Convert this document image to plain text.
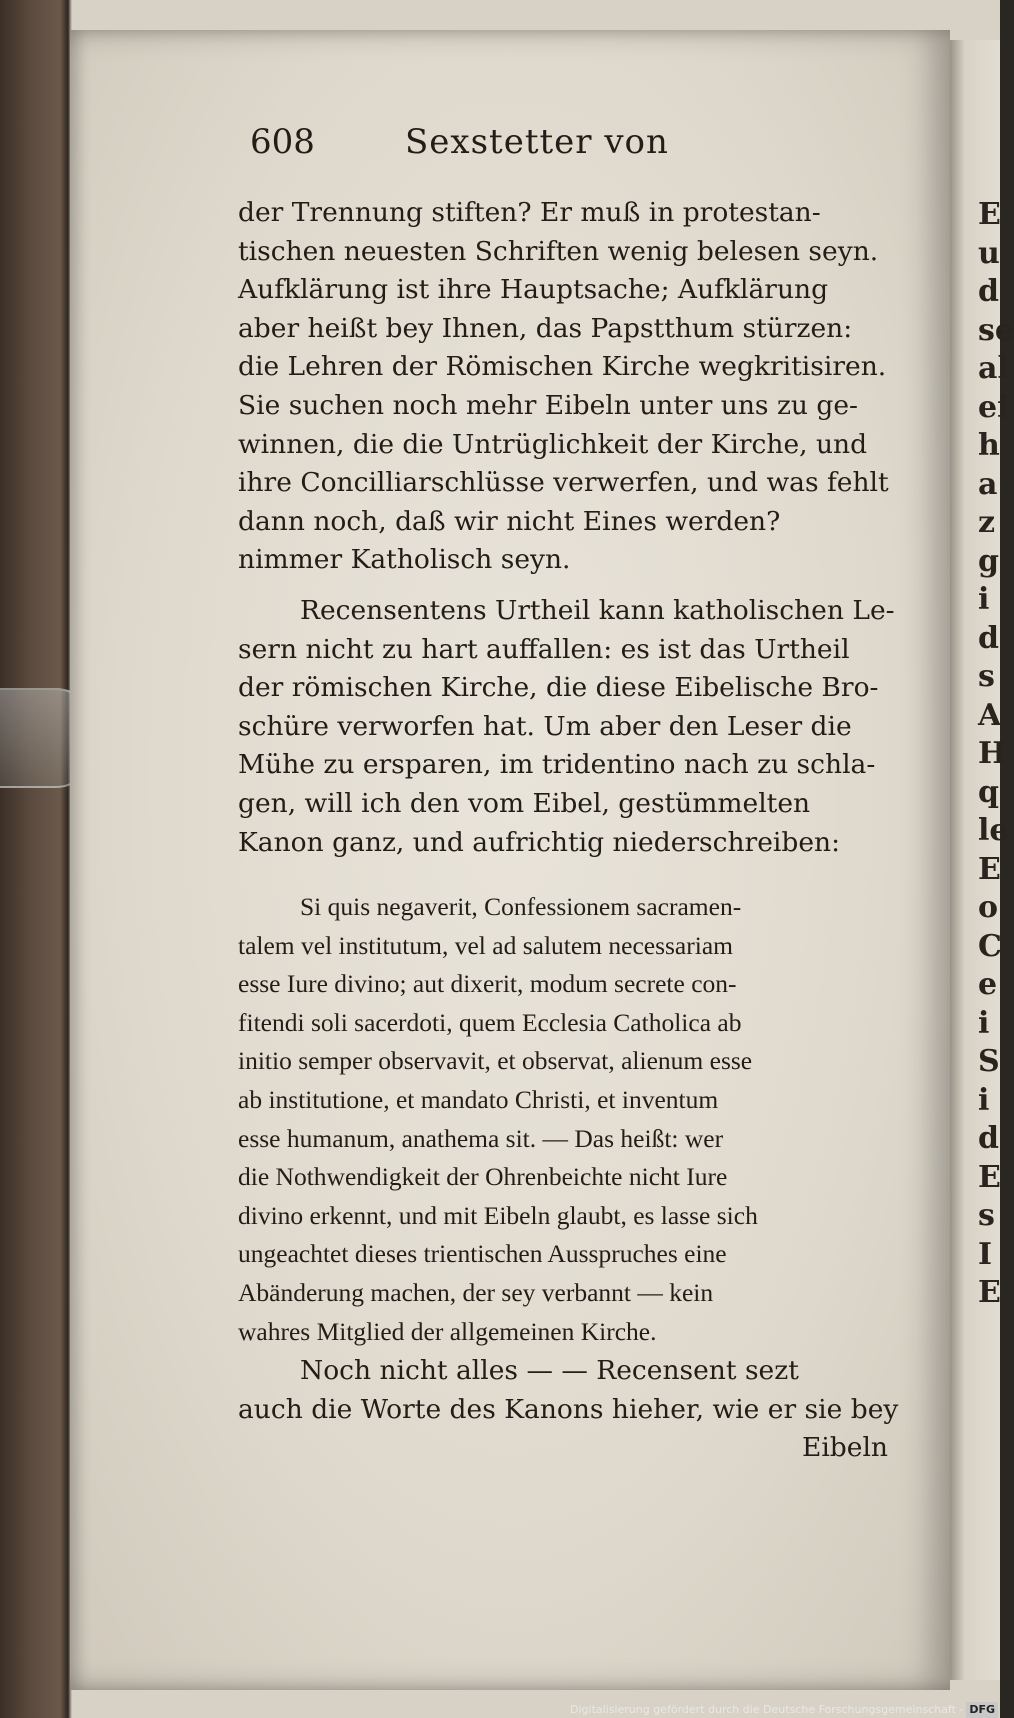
E
u
d
se
al
ei
h
a
z
g
i
d
s
A
H
q
le
E
o
C
e
i
S
i
d
E
s
I
E
608	Sexstetter von
der Trennung stiften? Er muß in protestan-
tischen neuesten Schriften wenig belesen seyn.
Aufklärung ist ihre Hauptsache; Aufklärung
aber heißt bey Ihnen, das Papstthum stürzen:
die Lehren der Römischen Kirche wegkritisiren.
Sie suchen noch mehr Eibeln unter uns zu ge-
winnen, die die Untrüglichkeit der Kirche, und
ihre Concilliarschlüsse verwerfen, und was fehlt
dann noch, daß wir nicht Eines werden?
nimmer Katholisch seyn.
Recensentens Urtheil kann katholischen Le-
sern nicht zu hart auffallen: es ist das Urtheil
der römischen Kirche, die diese Eibelische Bro-
schüre verworfen hat. Um aber den Leser die
Mühe zu ersparen, im tridentino nach zu schla-
gen, will ich den vom Eibel, gestümmelten
Kanon ganz, und aufrichtig niederschreiben:
Si quis negaverit, Confessionem sacramen-
talem vel institutum, vel ad salutem necessariam
esse Iure divino; aut dixerit, modum secrete con-
fitendi soli sacerdoti, quem Ecclesia Catholica ab
initio semper observavit, et observat, alienum esse
ab institutione, et mandato Christi, et inventum
esse humanum, anathema sit. — Das heißt: wer
die Nothwendigkeit der Ohrenbeichte nicht Iure
divino erkennt, und mit Eibeln glaubt, es lasse sich
ungeachtet dieses trientischen Ausspruches eine
Abänderung machen, der sey verbannt — kein
wahres Mitglied der allgemeinen Kirche.
Noch nicht alles — — Recensent sezt
auch die Worte des Kanons hieher, wie er sie bey
Eibeln
Digitalisierung gefördert durch die Deutsche Forschungsgemeinschaft - DFG
